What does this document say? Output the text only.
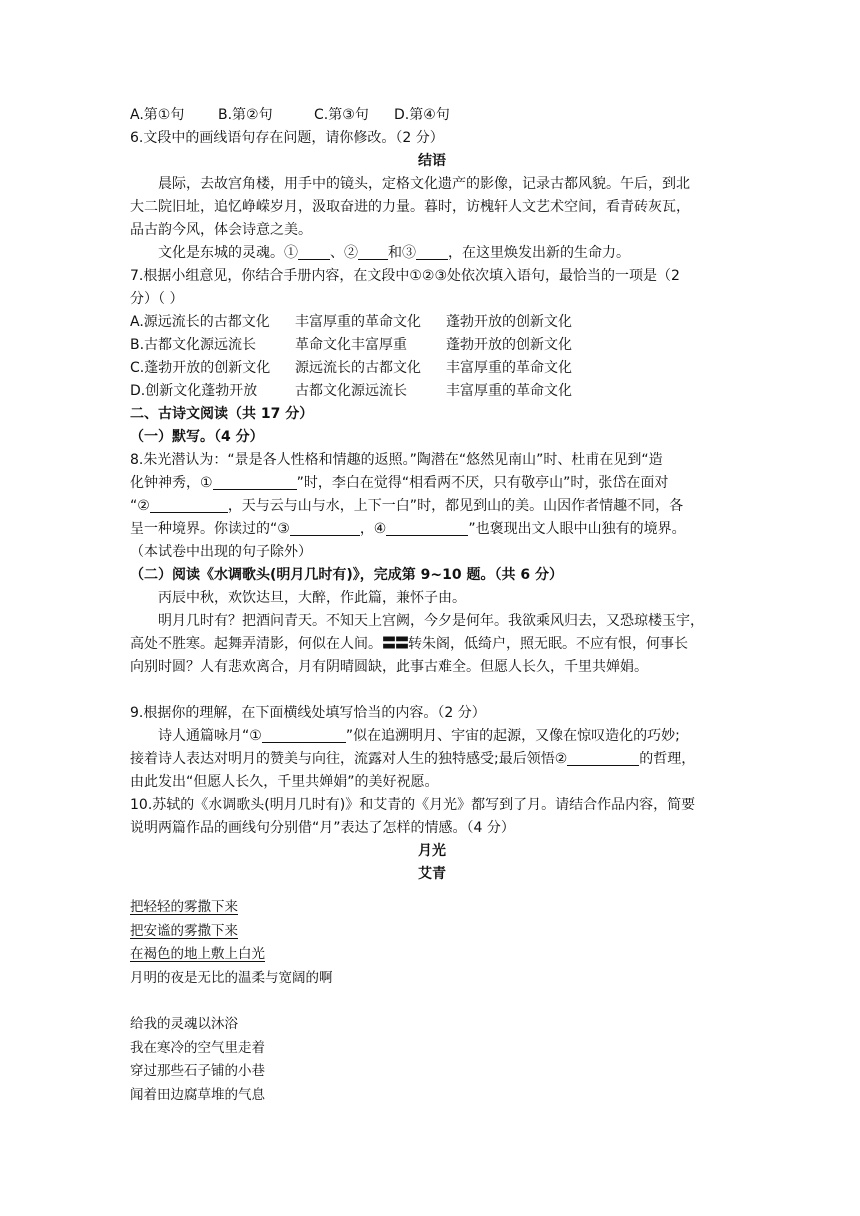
A.第①句 B.第②句	C.第③句 D.第④句

6.文段中的画线语句存在问题，请你修改。（2 分）

结语

晨际，去故宫角楼，用手中的镜头，定格文化遗产的影像，记录古都风貌。午后，到北

大二院旧址，追忆峥嵘岁月，汲取奋进的力量。暮时，访槐轩人文艺术空间，看青砖灰瓦，

品古韵今风，体会诗意之美。

文化是东城的灵魂。① 、② 和③ ，在这里焕发出新的生命力。

7.根据小组意见，你结合手册内容，在文段中①②③处依次填入语句，最恰当的一项是（2

分）（ ）

A.源远流长的古都文化 丰富厚重的革命文化 蓬勃开放的创新文化

B.古都文化源远流长	革命文化丰富厚重	蓬勃开放的创新文化

C.蓬勃开放的创新文化 源远流长的古都文化 丰富厚重的革命文化

D.创新文化蓬勃开放	古都文化源远流长	丰富厚重的革命文化

二、古诗文阅读（共 17 分）

（一）默写。（4 分）

8.朱光潜认为：“景是各人性格和情趣的返照。”陶潜在“悠然见南山”时、杜甫在见到“造

化钟神秀，①	”时，李白在觉得“相看两不厌，只有敬亭山”时，张岱在面对

“②	，天与云与山与水，上下一白”时，都见到山的美。山因作者情趣不同，各

呈一种境界。你读过的“③	，④	”也褒现出文人眼中山独有的境界。

（本试卷中出现的句子除外）

（二）阅读《水调歌头(明月几时有)》，完成第 9~10 题。（共 6 分）

丙辰中秋，欢饮达旦，大醉，作此篇，兼怀子由。

明月几时有？把酒问青天。不知天上宫阙，今夕是何年。我欲乘风归去，又恐琼楼玉宇，

高处不胜寒。起舞弄清影，何似在人间。〓〓转朱阁，低绮户，照无眠。不应有恨，何事长

向别时圆？人有悲欢离合，月有阴晴圆缺，此事古难全。但愿人长久，千里共婵娟。

9.根据你的理解，在下面横线处填写恰当的内容。（2 分）

诗人通篇咏月“①	”似在追溯明月、宇宙的起源，又像在惊叹造化的巧妙;

接着诗人表达对明月的赞美与向往，流露对人生的独特感受;最后领悟②	的哲理，

由此发出“但愿人长久，千里共婵娟”的美好祝愿。

10.苏轼的《水调歌头(明月几时有)》和艾青的《月光》都写到了月。请结合作品内容，简要

说明两篇作品的画线句分别借“月”表达了怎样的情感。（4 分）

月光

艾青

把轻轻的雾撒下来

把安谧的雾撒下来

在褐色的地上敷上白光

月明的夜是无比的温柔与宽阔的啊

给我的灵魂以沐浴

我在寒冷的空气里走着

穿过那些石子铺的小巷

闻着田边腐草堆的气息
